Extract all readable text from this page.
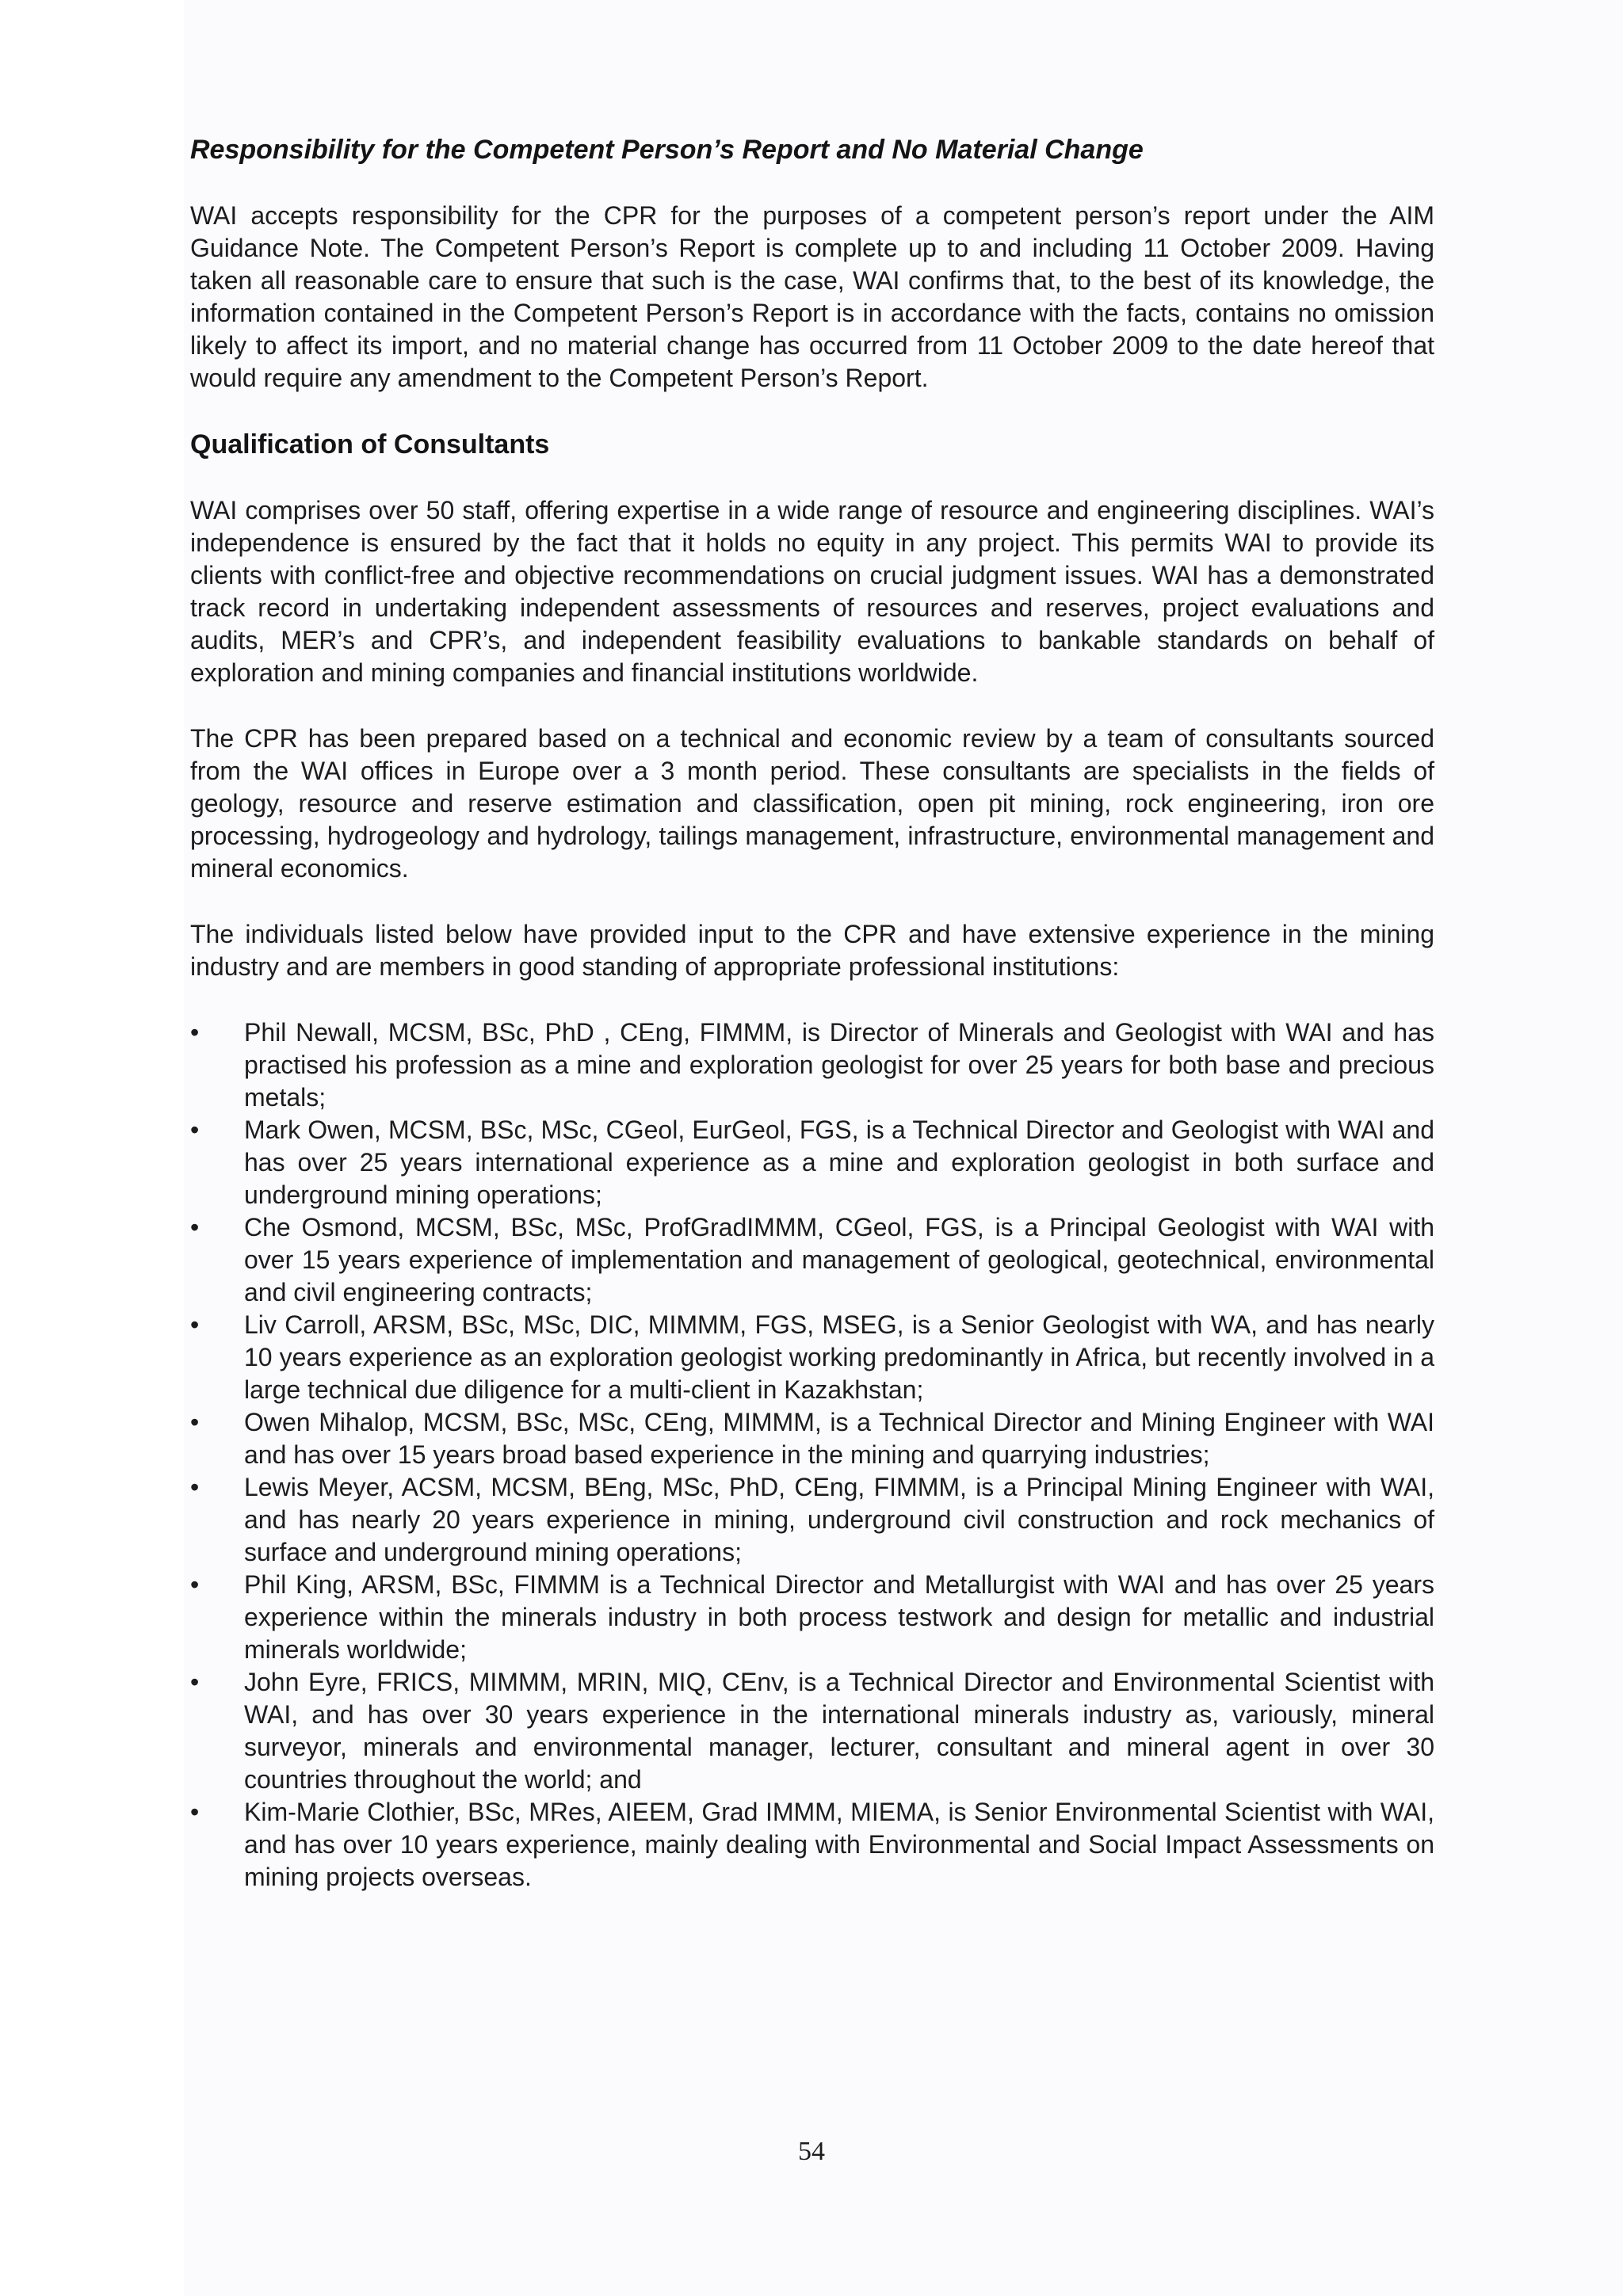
Responsibility for the Competent Person’s Report and No Material Change

WAI accepts responsibility for the CPR for the purposes of a competent person’s report under the AIM Guidance Note. The Competent Person’s Report is complete up to and including 11 October 2009. Having taken all reasonable care to ensure that such is the case, WAI confirms that, to the best of its knowledge, the information contained in the Competent Person’s Report is in accordance with the facts, contains no omission likely to affect its import, and no material change has occurred from 11 October 2009 to the date hereof that would require any amendment to the Competent Person’s Report.

Qualification of Consultants

WAI comprises over 50 staff, offering expertise in a wide range of resource and engineering disciplines. WAI’s independence is ensured by the fact that it holds no equity in any project. This permits WAI to provide its clients with conflict-free and objective recommendations on crucial judgment issues. WAI has a demonstrated track record in undertaking independent assessments of resources and reserves, project evaluations and audits, MER’s and CPR’s, and independent feasibility evaluations to bankable standards on behalf of exploration and mining companies and financial institutions worldwide.

The CPR has been prepared based on a technical and economic review by a team of consultants sourced from the WAI offices in Europe over a 3 month period. These consultants are specialists in the fields of geology, resource and reserve estimation and classification, open pit mining, rock engineering, iron ore processing, hydrogeology and hydrology, tailings management, infrastructure, environmental management and mineral economics.

The individuals listed below have provided input to the CPR and have extensive experience in the mining industry and are members in good standing of appropriate professional institutions:

•	Phil Newall, MCSM, BSc, PhD , CEng, FIMMM, is Director of Minerals and Geologist with WAI and has practised his profession as a mine and exploration geologist for over 25 years for both base and precious metals;
•	Mark Owen, MCSM, BSc, MSc, CGeol, EurGeol, FGS, is a Technical Director and Geologist with WAI and has over 25 years international experience as a mine and exploration geologist in both surface and underground mining operations;
•	Che Osmond, MCSM, BSc, MSc, ProfGradIMMM, CGeol, FGS, is a Principal Geologist with WAI with over 15 years experience of implementation and management of geological, geotechnical, environmental and civil engineering contracts;
•	Liv Carroll, ARSM, BSc, MSc, DIC, MIMMM, FGS, MSEG, is a Senior Geologist with WA, and has nearly 10 years experience as an exploration geologist working predominantly in Africa, but recently involved in a large technical due diligence for a multi-client in Kazakhstan;
•	Owen Mihalop, MCSM, BSc, MSc, CEng, MIMMM, is a Technical Director and Mining Engineer with WAI and has over 15 years broad based experience in the mining and quarrying industries;
•	Lewis Meyer, ACSM, MCSM, BEng, MSc, PhD, CEng, FIMMM, is a Principal Mining Engineer with WAI, and has nearly 20 years experience in mining, underground civil construction and rock mechanics of surface and underground mining operations;
•	Phil King, ARSM, BSc, FIMMM is a Technical Director and Metallurgist with WAI and has over 25 years experience within the minerals industry in both process testwork and design for metallic and industrial minerals worldwide;
•	John Eyre, FRICS, MIMMM, MRIN, MIQ, CEnv, is a Technical Director and Environmental Scientist with WAI, and has over 30 years experience in the international minerals industry as, variously, mineral surveyor, minerals and environmental manager, lecturer, consultant and mineral agent in over 30 countries throughout the world; and
•	Kim-Marie Clothier, BSc, MRes, AIEEM, Grad IMMM, MIEMA, is Senior Environmental Scientist with WAI, and has over 10 years experience, mainly dealing with Environmental and Social Impact Assessments on mining projects overseas.
54
